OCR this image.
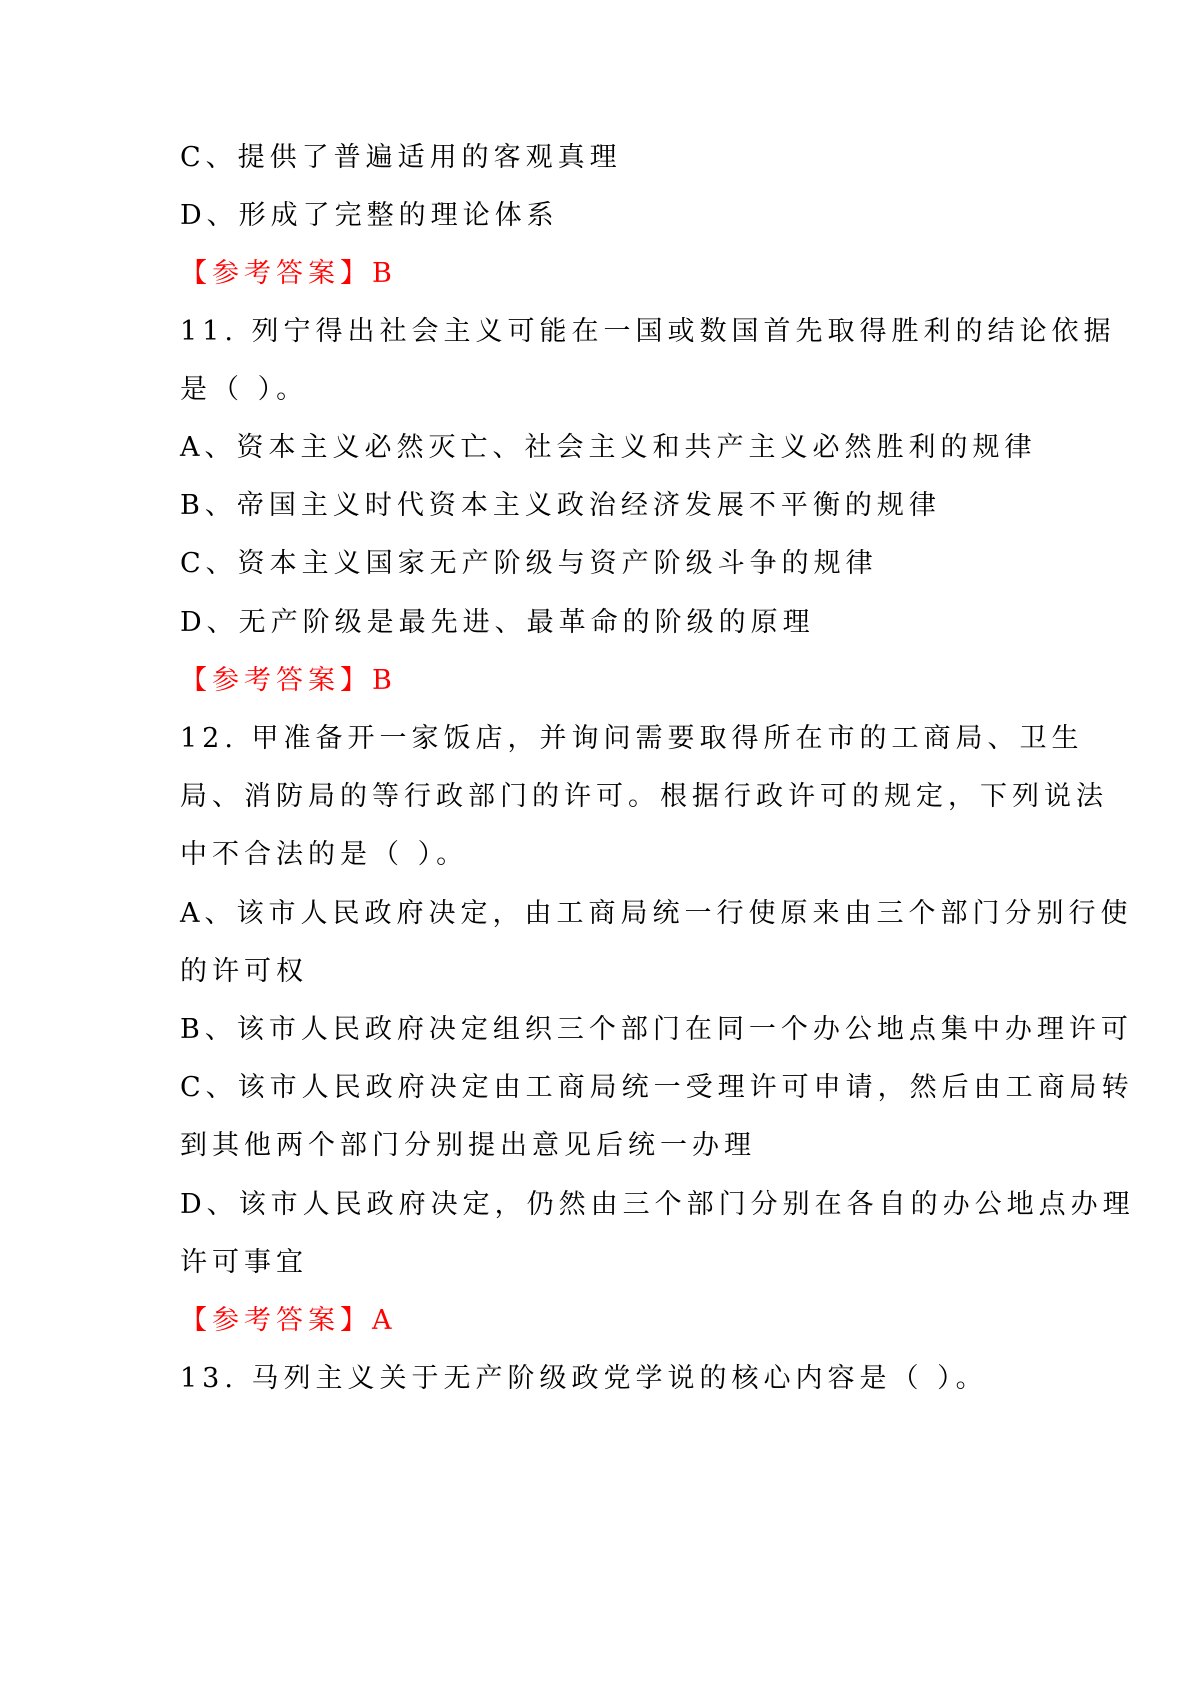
C、提供了普遍适用的客观真理
D、形成了完整的理论体系
【参考答案】B
11. 列宁得出社会主义可能在一国或数国首先取得胜利的结论依据
是（ ）。
A、资本主义必然灭亡、社会主义和共产主义必然胜利的规律
B、帝国主义时代资本主义政治经济发展不平衡的规律
C、资本主义国家无产阶级与资产阶级斗争的规律
D、无产阶级是最先进、最革命的阶级的原理
【参考答案】B
12. 甲准备开一家饭店，并询问需要取得所在市的工商局、卫生
局、消防局的等行政部门的许可。根据行政许可的规定，下列说法
中不合法的是（ ）。
A、该市人民政府决定，由工商局统一行使原来由三个部门分别行使
的许可权
B、该市人民政府决定组织三个部门在同一个办公地点集中办理许可
C、该市人民政府决定由工商局统一受理许可申请，然后由工商局转
到其他两个部门分别提出意见后统一办理
D、该市人民政府决定，仍然由三个部门分别在各自的办公地点办理
许可事宜
【参考答案】A
13. 马列主义关于无产阶级政党学说的核心内容是（ ）。
